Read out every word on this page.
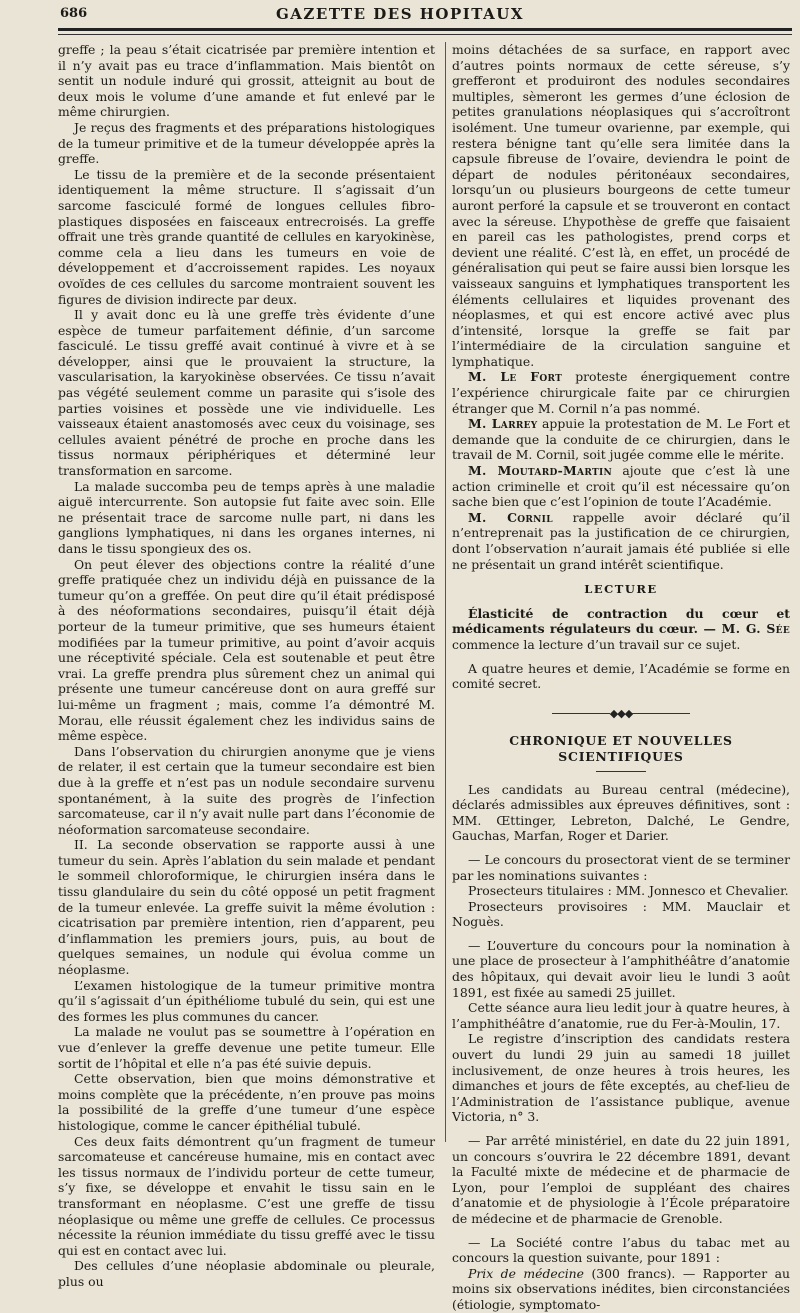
686	GAZETTE DES HOPITAUX

greffe ; la peau s’était cicatrisée par première intention et il n’y avait pas eu trace d’inflammation. Mais bientôt on sentit un nodule induré qui grossit, atteignit au bout de deux mois le volume d’une amande et fut enlevé par le même chirurgien.

Je reçus des fragments et des préparations histologiques de la tumeur primitive et de la tumeur développée après la greffe.

Le tissu de la première et de la seconde présentaient identiquement la même structure. Il s’agissait d’un sarcome fasciculé formé de longues cellules fibro-plastiques disposées en faisceaux entrecroisés. La greffe offrait une très grande quantité de cellules en karyokinèse, comme cela a lieu dans les tumeurs en voie de développement et d’accroissement rapides. Les noyaux ovoïdes de ces cellules du sarcome montraient souvent les figures de division indirecte par deux.

Il y avait donc eu là une greffe très évidente d’une espèce de tumeur parfaitement définie, d’un sarcome fasciculé. Le tissu greffé avait continué à vivre et à se développer, ainsi que le prouvaient la structure, la vascularisation, la karyokinèse observées. Ce tissu n’avait pas végété seulement comme un parasite qui s’isole des parties voisines et possède une vie individuelle. Les vaisseaux étaient anastomosés avec ceux du voisinage, ses cellules avaient pénétré de proche en proche dans les tissus normaux périphériques et déterminé leur transformation en sarcome.

La malade succomba peu de temps après à une maladie aiguë intercurrente. Son autopsie fut faite avec soin. Elle ne présentait trace de sarcome nulle part, ni dans les ganglions lymphatiques, ni dans les organes internes, ni dans le tissu spongieux des os.

On peut élever des objections contre la réalité d’une greffe pratiquée chez un individu déjà en puissance de la tumeur qu’on a greffée. On peut dire qu’il était prédisposé à des néoformations secondaires, puisqu’il était déjà porteur de la tumeur primitive, que ses humeurs étaient modifiées par la tumeur primitive, au point d’avoir acquis une réceptivité spéciale. Cela est soutenable et peut être vrai. La greffe prendra plus sûrement chez un animal qui présente une tumeur cancéreuse dont on aura greffé sur lui-même un fragment ; mais, comme l’a démontré M. Morau, elle réussit également chez les individus sains de même espèce.

Dans l’observation du chirurgien anonyme que je viens de relater, il est certain que la tumeur secondaire est bien due à la greffe et n’est pas un nodule secondaire survenu spontanément, à la suite des progrès de l’infection sarcomateuse, car il n’y avait nulle part dans l’économie de néoformation sarcomateuse secondaire.

II. La seconde observation se rapporte aussi à une tumeur du sein. Après l’ablation du sein malade et pendant le sommeil chloroformique, le chirurgien inséra dans le tissu glandulaire du sein du côté opposé un petit fragment de la tumeur enlevée. La greffe suivit la même évolution : cicatrisation par première intention, rien d’apparent, peu d’inflammation les premiers jours, puis, au bout de quelques semaines, un nodule qui évolua comme un néoplasme.

L’examen histologique de la tumeur primitive montra qu’il s’agissait d’un épithéliome tubulé du sein, qui est une des formes les plus communes du cancer.

La malade ne voulut pas se soumettre à l’opération en vue d’enlever la greffe devenue une petite tumeur. Elle sortit de l’hôpital et elle n’a pas été suivie depuis.

Cette observation, bien que moins démonstrative et moins complète que la précédente, n’en prouve pas moins la possibilité de la greffe d’une tumeur d’une espèce histologique, comme le cancer épithélial tubulé.

Ces deux faits démontrent qu’un fragment de tumeur sarcomateuse et cancéreuse humaine, mis en contact avec les tissus normaux de l’individu porteur de cette tumeur, s’y fixe, se développe et envahit le tissu sain en le transformant en néoplasme. C’est une greffe de tissu néoplasique ou même une greffe de cellules. Ce processus nécessite la réunion immédiate du tissu greffé avec le tissu qui est en contact avec lui.

Des cellules d’une néoplasie abdominale ou pleurale, plus ou

moins détachées de sa surface, en rapport avec d’autres points normaux de cette séreuse, s’y grefferont et produiront des nodules secondaires multiples, sèmeront les germes d’une éclosion de petites granulations néoplasiques qui s’accroîtront isolément. Une tumeur ovarienne, par exemple, qui restera bénigne tant qu’elle sera limitée dans la capsule fibreuse de l’ovaire, deviendra le point de départ de nodules péritonéaux secondaires, lorsqu’un ou plusieurs bourgeons de cette tumeur auront perforé la capsule et se trouveront en contact avec la séreuse. L’hypothèse de greffe que faisaient en pareil cas les pathologistes, prend corps et devient une réalité. C’est là, en effet, un procédé de généralisation qui peut se faire aussi bien lorsque les vaisseaux sanguins et lymphatiques transportent les éléments cellulaires et liquides provenant des néoplasmes, et qui est encore activé avec plus d’intensité, lorsque la greffe se fait par l’intermédiaire de la circulation sanguine et lymphatique.

M. Le Fort proteste énergiquement contre l’expérience chirurgicale faite par ce chirurgien étranger que M. Cornil n’a pas nommé.

M. Larrey appuie la protestation de M. Le Fort et demande que la conduite de ce chirurgien, dans le travail de M. Cornil, soit jugée comme elle le mérite.

M. Moutard-Martin ajoute que c’est là une action criminelle et croit qu’il est nécessaire qu’on sache bien que c’est l’opinion de toute l’Académie.

M. Cornil rappelle avoir déclaré qu’il n’entreprenait pas la justification de ce chirurgien, dont l’observation n’aurait jamais été publiée si elle ne présentait un grand intérêt scientifique.

LECTURE

Élasticité de contraction du cœur et médicaments régulateurs du cœur. — M. G. Sée commence la lecture d’un travail sur ce sujet.

A quatre heures et demie, l’Académie se forme en comité secret.

◆◆◆
CHRONIQUE ET NOUVELLES SCIENTIFIQUES

Les candidats au Bureau central (médecine), déclarés admissibles aux épreuves définitives, sont : MM. Œttinger, Lebreton, Dalché, Le Gendre, Gauchas, Marfan, Roger et Darier.

— Le concours du prosectorat vient de se terminer par les nominations suivantes :

Prosecteurs titulaires : MM. Jonnesco et Chevalier.

Prosecteurs provisoires : MM. Mauclair et Noguès.

— L’ouverture du concours pour la nomination à une place de prosecteur à l’amphithéâtre d’anatomie des hôpitaux, qui devait avoir lieu le lundi 3 août 1891, est fixée au samedi 25 juillet.

Cette séance aura lieu ledit jour à quatre heures, à l’amphithéâtre d’anatomie, rue du Fer-à-Moulin, 17.

Le registre d’inscription des candidats restera ouvert du lundi 29 juin au samedi 18 juillet inclusivement, de onze heures à trois heures, les dimanches et jours de fête exceptés, au chef-lieu de l’Administration de l’assistance publique, avenue Victoria, n° 3.

— Par arrêté ministériel, en date du 22 juin 1891, un concours s’ouvrira le 22 décembre 1891, devant la Faculté mixte de médecine et de pharmacie de Lyon, pour l’emploi de suppléant des chaires d’anatomie et de physiologie à l’École préparatoire de médecine et de pharmacie de Grenoble.

— La Société contre l’abus du tabac met au concours la question suivante, pour 1891 :

Prix de médecine (300 francs). — Rapporter au moins six observations inédites, bien circonstanciées (étiologie, symptomato-
